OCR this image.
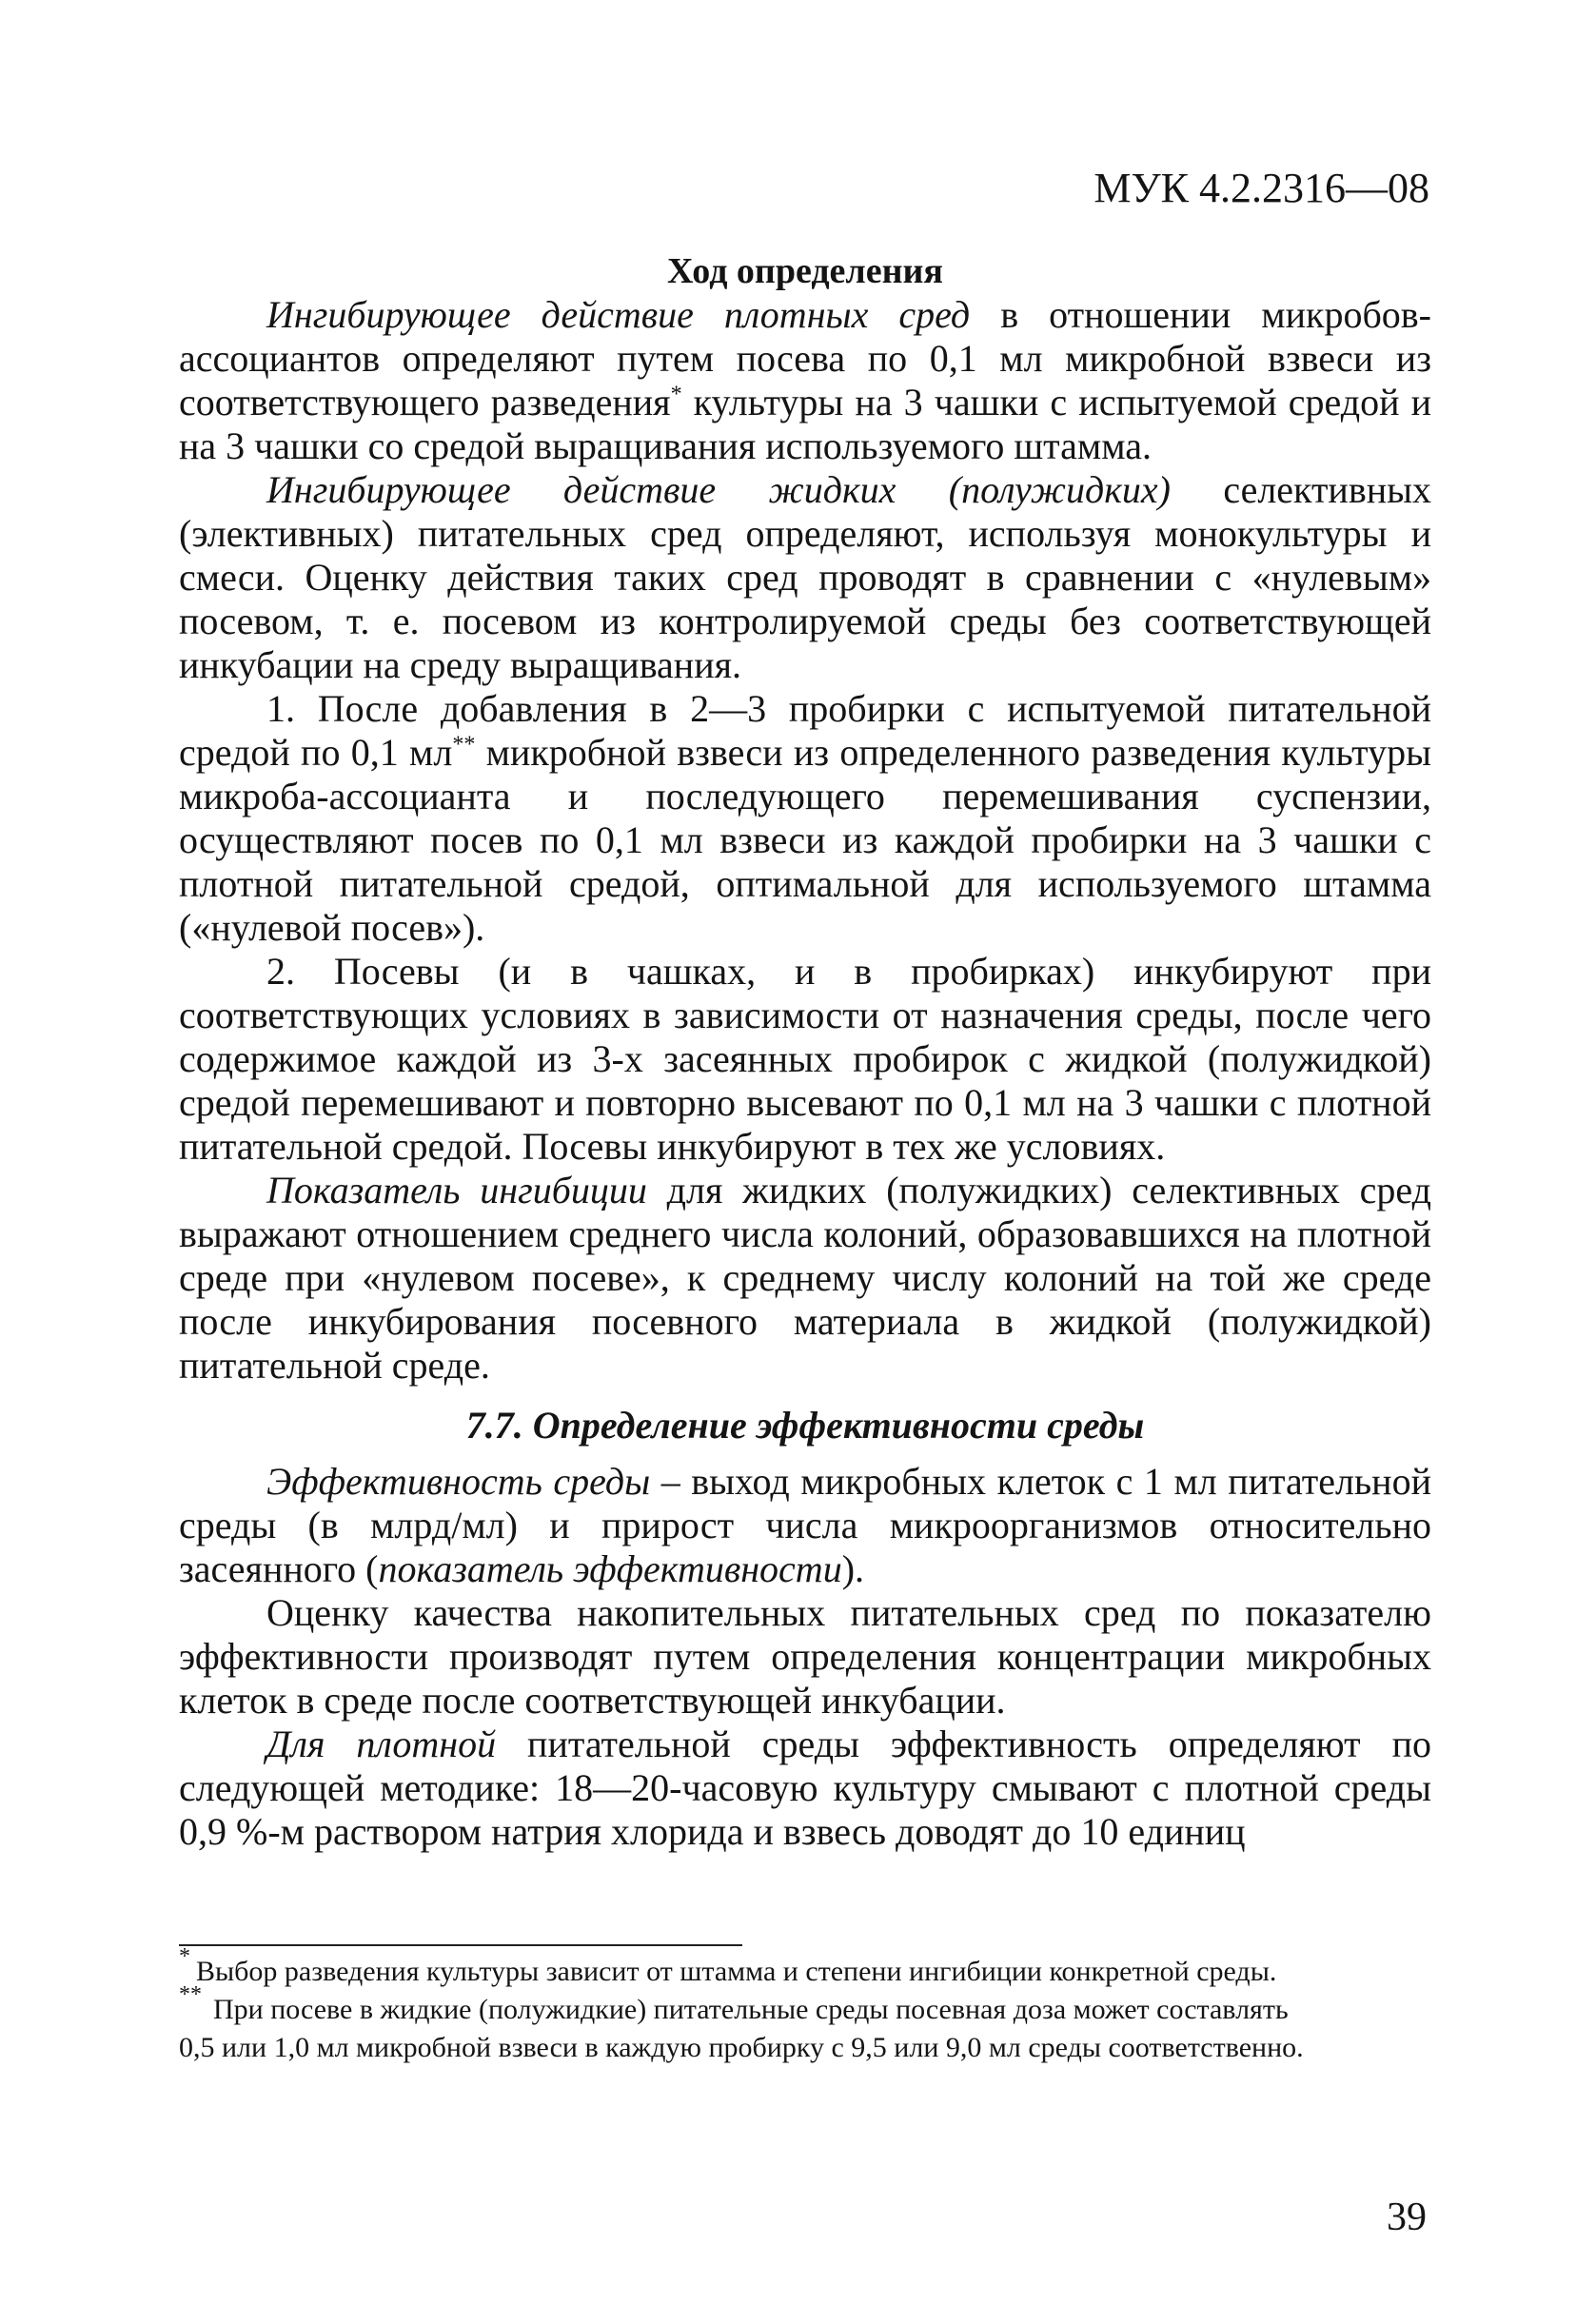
МУК 4.2.2316—08

Ход определения

Ингибирующее действие плотных сред в отношении микробов-ассоциантов определяют путем посева по 0,1 мл микробной взвеси из соответствующего разведения* культуры на 3 чашки с испытуемой средой и на 3 чашки со средой выращивания используемого штамма.

Ингибирующее действие жидких (полужидких) селективных (элективных) питательных сред определяют, используя монокультуры и смеси. Оценку действия таких сред проводят в сравнении с «нулевым» посевом, т. е. посевом из контролируемой среды без соответствующей инкубации на среду выращивания.

1. После добавления в 2—3 пробирки с испытуемой питательной средой по 0,1 мл** микробной взвеси из определенного разведения культуры микроба-ассоцианта и последующего перемешивания суспензии, осуществляют посев по 0,1 мл взвеси из каждой пробирки на 3 чашки с плотной питательной средой, оптимальной для используемого штамма («нулевой посев»).

2. Посевы (и в чашках, и в пробирках) инкубируют при соответствующих условиях в зависимости от назначения среды, после чего содержимое каждой из 3-х засеянных пробирок с жидкой (полужидкой) средой перемешивают и повторно высевают по 0,1 мл на 3 чашки с плотной питательной средой. Посевы инкубируют в тех же условиях.

Показатель ингибиции для жидких (полужидких) селективных сред выражают отношением среднего числа колоний, образовавшихся на плотной среде при «нулевом посеве», к среднему числу колоний на той же среде после инкубирования посевного материала в жидкой (полужидкой) питательной среде.

7.7. Определение эффективности среды

Эффективность среды – выход микробных клеток с 1 мл питательной среды (в млрд/мл) и прирост числа микроорганизмов относительно засеянного (показатель эффективности).

Оценку качества накопительных питательных сред по показателю эффективности производят путем определения концентрации микробных клеток в среде после соответствующей инкубации.

Для плотной питательной среды эффективность определяют по следующей методике: 18—20-часовую культуру смывают с плотной среды 0,9 %-м раствором натрия хлорида и взвесь доводят до 10 единиц

* Выбор разведения культуры зависит от штамма и степени ингибиции конкретной среды.

** При посеве в жидкие (полужидкие) питательные среды посевная доза может составлять

0,5 или 1,0 мл микробной взвеси в каждую пробирку с 9,5 или 9,0 мл среды соответственно.

39
